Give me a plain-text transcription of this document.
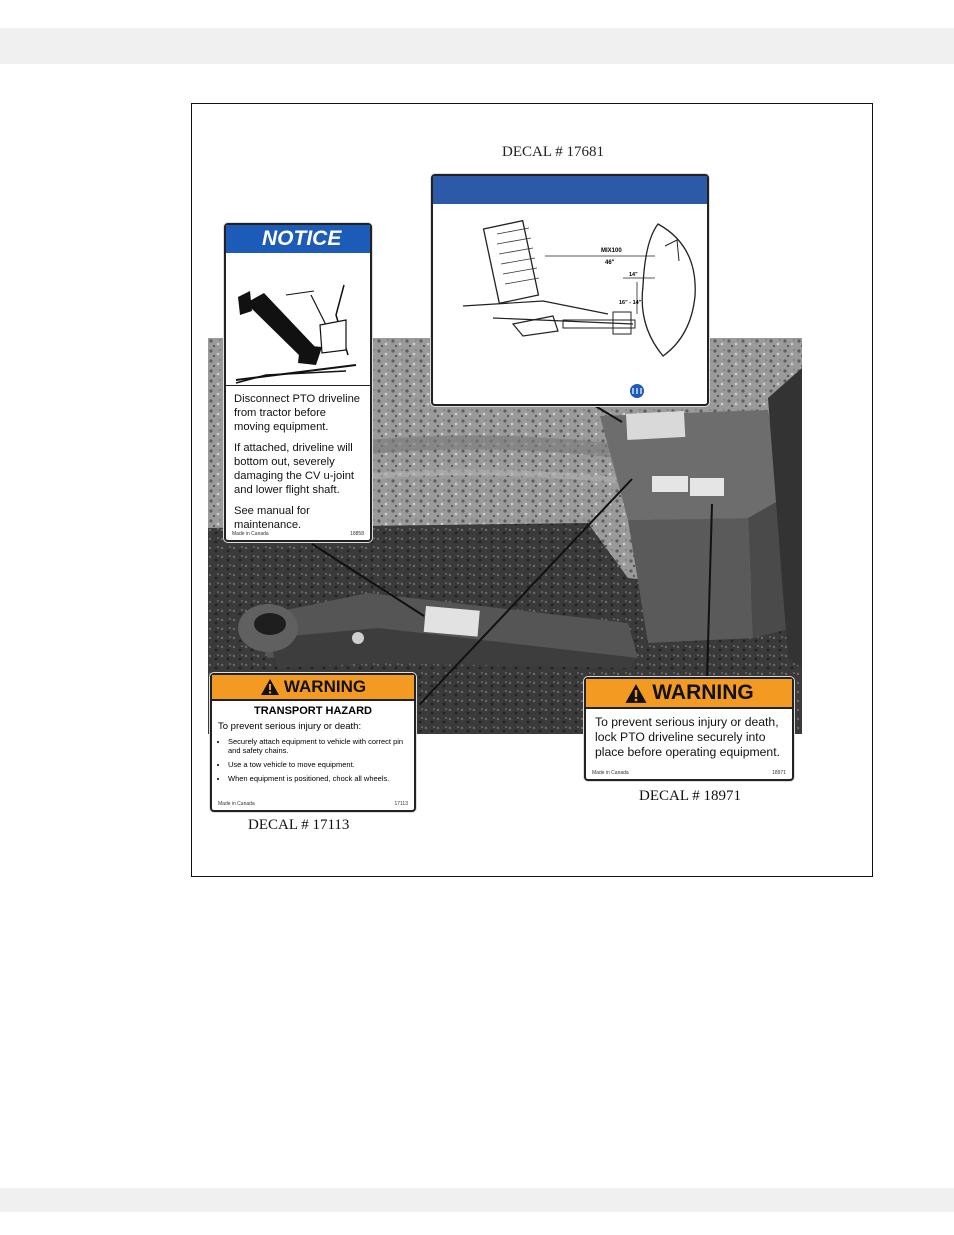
DECAL # 17681
NOTICE

Disconnect PTO driveline from tractor before moving equipment.

If attached, driveline will bottom out, severely damaging the CV u-joint and lower flight shaft.

See manual for maintenance.

Made in Canada	18858
MIX100
46"
14"
16" - 14"
WARNING
TRANSPORT HAZARD
To prevent serious injury or death:
• Securely attach equipment to vehicle with correct pin and safety chains.
• Use a tow vehicle to move equipment.
• When equipment is positioned, chock all wheels.
Made in Canada	17113
DECAL # 17113
WARNING
To prevent serious injury or death, lock PTO driveline securely into place before operating equipment.
Made in Canada	18971
DECAL # 18971
